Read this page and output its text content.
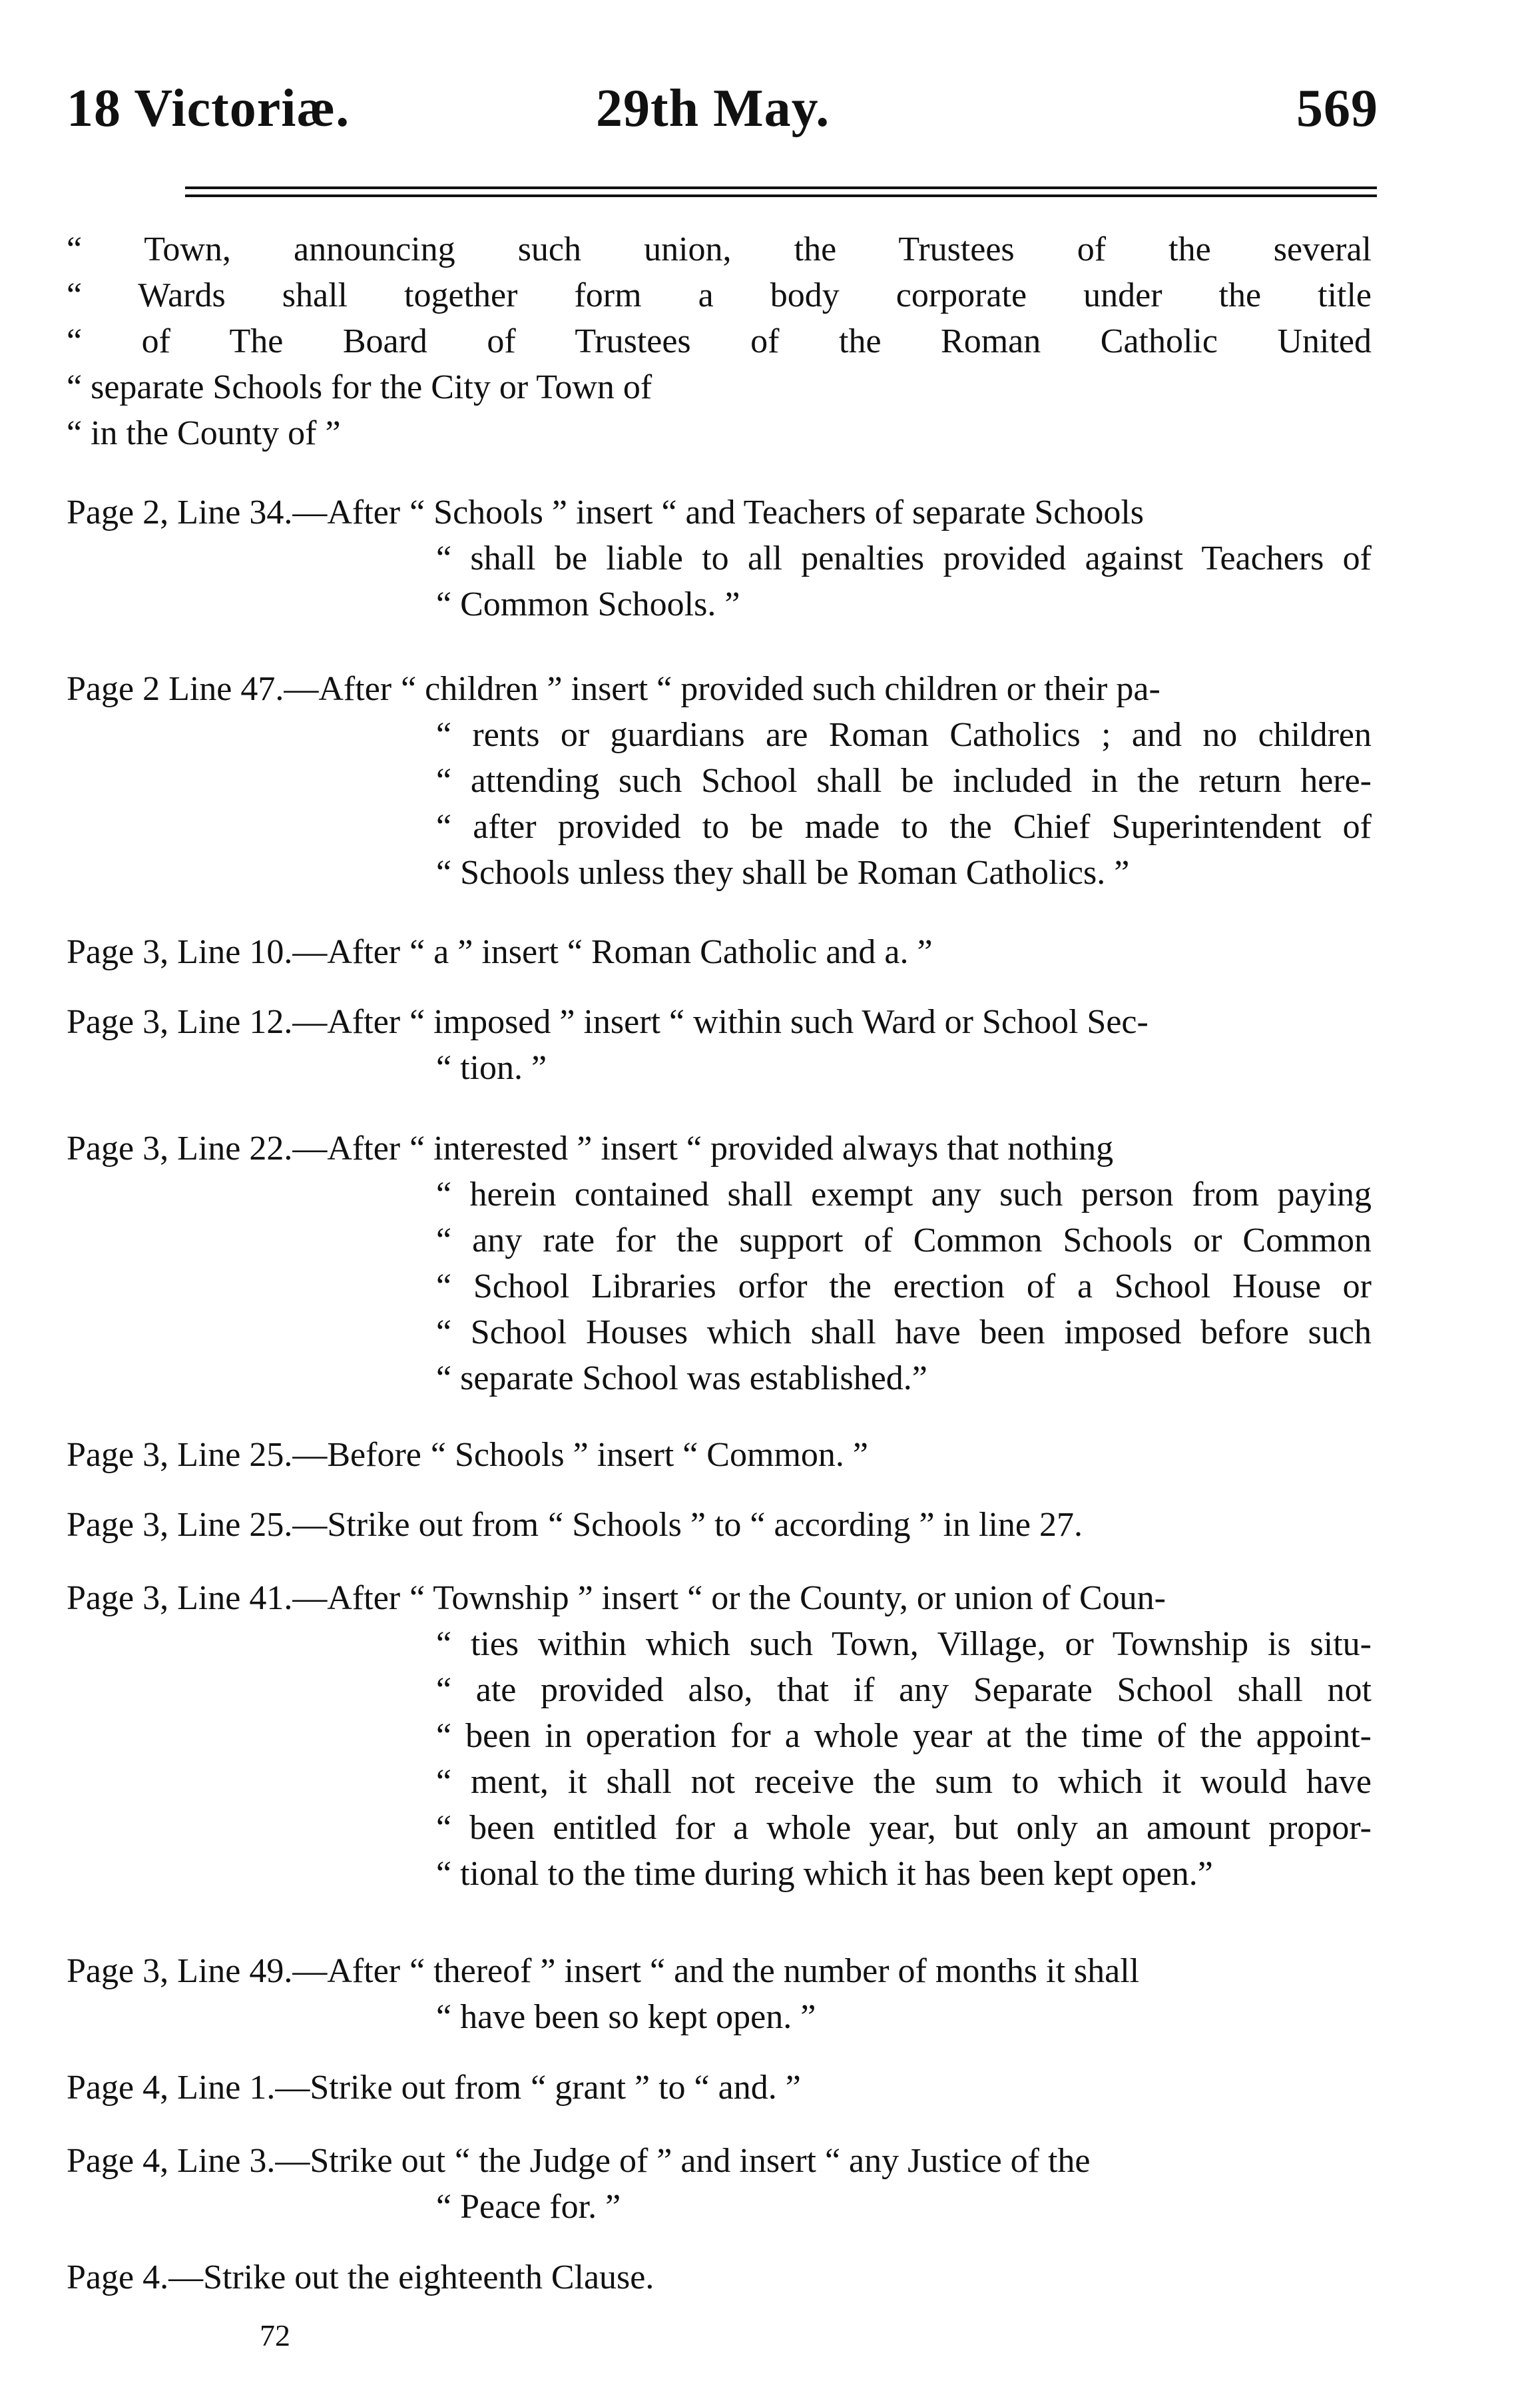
18 Victoriæ.	29th May.	569
“ Town, announcing such union, the Trustees of the several
“ Wards shall together form a body corporate under the title
“ of The Board of Trustees of the Roman Catholic United
“ separate Schools for the City or Town of
“ in the County of ”
Page 2, Line 34.—After “ Schools ” insert “ and Teachers of separate Schools
“ shall be liable to all penalties provided against Teachers of
“ Common Schools. ”
Page 2 Line 47.—After “ children ” insert “ provided such children or their pa-
“ rents or guardians are Roman Catholics ; and no children
“ attending such School shall be included in the return here-
“ after provided to be made to the Chief Superintendent of
“ Schools unless they shall be Roman Catholics. ”
Page 3, Line 10.—After “ a ” insert “ Roman Catholic and a. ”
Page 3, Line 12.—After “ imposed ” insert “ within such Ward or School Sec-
“ tion. ”
Page 3, Line 22.—After “ interested ” insert “ provided always that nothing
“ herein contained shall exempt any such person from paying
“ any rate for the support of Common Schools or Common
“ School Libraries orfor the erection of a School House or
“ School Houses which shall have been imposed before such
“ separate School was established.”
Page 3, Line 25.—Before “ Schools ” insert “ Common. ”
Page 3, Line 25.—Strike out from “ Schools ” to “ according ” in line 27.
Page 3, Line 41.—After “ Township ” insert “ or the County, or union of Coun-
“ ties within which such Town, Village, or Township is situ-
“ ate provided also, that if any Separate School shall not
“ been in operation for a whole year at the time of the appoint-
“ ment, it shall not receive the sum to which it would have
“ been entitled for a whole year, but only an amount propor-
“ tional to the time during which it has been kept open.”
Page 3, Line 49.—After “ thereof ” insert “ and the number of months it shall
“ have been so kept open. ”
Page 4, Line 1.—Strike out from “ grant ” to “ and. ”
Page 4, Line 3.—Strike out “ the Judge of ” and insert “ any Justice of the
“ Peace for. ”
Page 4.—Strike out the eighteenth Clause.
72
